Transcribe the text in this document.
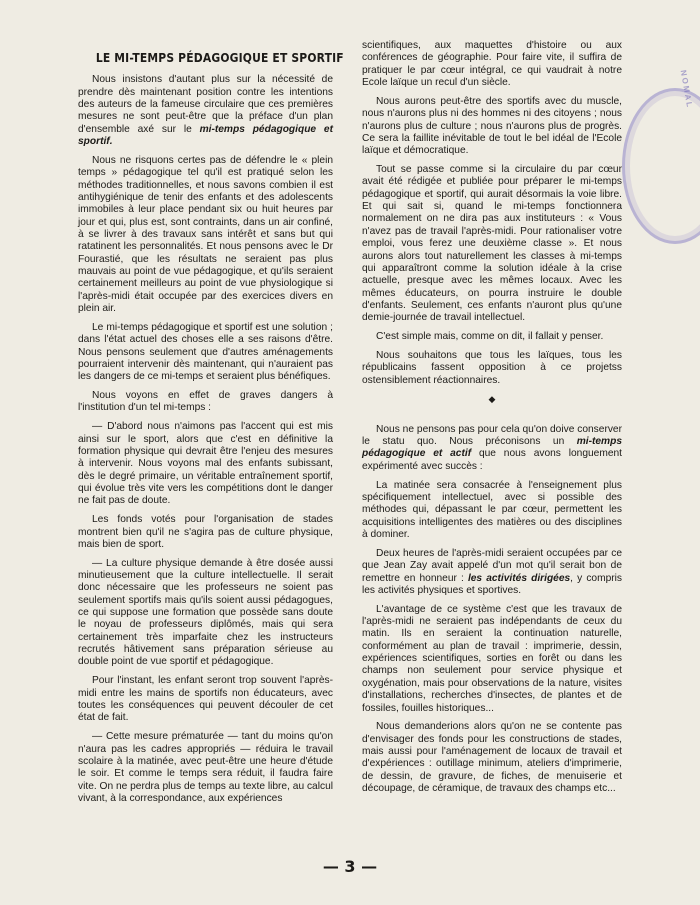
LE MI-TEMPS PÉDAGOGIQUE ET SPORTIF

Nous insistons d'autant plus sur la nécessité de prendre dès maintenant position contre les intentions des auteurs de la fameuse circulaire que ces premières mesures ne sont peut-être que la préface d'un plan d'ensemble axé sur le mi-temps pédagogique et sportif.

Nous ne risquons certes pas de défendre le « plein temps » pédagogique tel qu'il est pratiqué selon les méthodes traditionnelles, et nous savons combien il est antihygiénique de tenir des enfants et des adolescents immobiles à leur place pendant six ou huit heures par jour et qui, plus est, sont contraints, dans un air confiné, à se livrer à des travaux sans intérêt et sans but qui ratatinent les personnalités. Et nous pensons avec le Dr Fourastié, que les résultats ne seraient pas plus mauvais au point de vue pédagogique, et qu'ils seraient certainement meilleurs au point de vue physiologique si l'après-midi était occupée par des exercices divers en plein air.

Le mi-temps pédagogique et sportif est une solution ; dans l'état actuel des choses elle a ses raisons d'être. Nous pensons seulement que d'autres aménagements pourraient intervenir dès maintenant, qui n'auraient pas les dangers de ce mi-temps et seraient plus bénéfiques.

Nous voyons en effet de graves dangers à l'institution d'un tel mi-temps :

— D'abord nous n'aimons pas l'accent qui est mis ainsi sur le sport, alors que c'est en définitive la formation physique qui devrait être l'enjeu des mesures à intervenir. Nous voyons mal des enfants subissant, dès le degré primaire, un véritable entraînement sportif, qui évolue très vite vers les compétitions dont le danger ne fait pas de doute.

Les fonds votés pour l'organisation de stades montrent bien qu'il ne s'agira pas de culture physique, mais bien de sport.

— La culture physique demande à être dosée aussi minutieusement que la culture intellectuelle. Il serait donc nécessaire que les professeurs ne soient pas seulement sportifs mais qu'ils soient aussi pédagogues, ce qui suppose une formation que possède sans doute le noyau de professeurs diplômés, mais qui sera certainement très imparfaite chez les instructeurs recrutés hâtivement sans préparation sérieuse au double point de vue sportif et pédagogique.

Pour l'instant, les enfant seront trop souvent l'après-midi entre les mains de sportifs non éducateurs, avec toutes les conséquences qui peuvent découler de cet état de fait.

— Cette mesure prématurée — tant du moins qu'on n'aura pas les cadres appropriés — réduira le travail scolaire à la matinée, avec peut-être une heure d'étude le soir. Et comme le temps sera réduit, il faudra faire vite. On ne perdra plus de temps au texte libre, au calcul vivant, à la correspondance, aux expériences

scientifiques, aux maquettes d'histoire ou aux conférences de géographie. Pour faire vite, il suffira de pratiquer le par cœur intégral, ce qui vaudrait à notre Ecole laïque un recul d'un siècle.

Nous aurons peut-être des sportifs avec du muscle, nous n'aurons plus ni des hommes ni des citoyens ; nous n'aurons plus de culture ; nous n'aurons plus de progrès. Ce sera la faillite inévitable de tout le bel idéal de l'Ecole laïque et démocratique.

Tout se passe comme si la circulaire du par cœur avait été rédigée et publiée pour préparer le mi-temps pédagogique et sportif, qui aurait désormais la voie libre. Et qui sait si, quand le mi-temps fonctionnera normalement on ne dira pas aux instituteurs : « Vous n'avez pas de travail l'après-midi. Pour rationaliser votre emploi, vous ferez une deuxième classe ». Et nous aurons alors tout naturellement les classes à mi-temps qui apparaîtront comme la solution idéale à la crise actuelle, presque avec les mêmes locaux. Avec les mêmes éducateurs, on pourra instruire le double d'enfants. Seulement, ces enfants n'auront plus qu'une demie-journée de travail intellectuel.

C'est simple mais, comme on dit, il fallait y penser.

Nous souhaitons que tous les laïques, tous les républicains fassent opposition à ce projetss ostensiblement réactionnaires.

◆

Nous ne pensons pas pour cela qu'on doive conserver le statu quo. Nous préconisons un mi-temps pédagogique et actif que nous avons longuement expérimenté avec succès :

La matinée sera consacrée à l'enseignement plus spécifiquement intellectuel, avec si possible des méthodes qui, dépassant le par cœur, permettent les acquisitions intelligentes des matières ou des disciplines à dominer.

Deux heures de l'après-midi seraient occupées par ce que Jean Zay avait appelé d'un mot qu'il serait bon de remettre en honneur : les activités dirigées, y compris les activités physiques et sportives.

L'avantage de ce système c'est que les travaux de l'après-midi ne seraient pas indépendants de ceux du matin. Ils en seraient la continuation naturelle, conformément au plan de travail : imprimerie, dessin, expériences scientifiques, sorties en forêt ou dans les champs non seulement pour service physique et oxygénation, mais pour observations de la nature, visites d'installations, recherches d'insectes, de plantes et de fossiles, fouilles historiques...

Nous demanderions alors qu'on ne se contente pas d'envisager des fonds pour les constructions de stades, mais aussi pour l'aménagement de locaux de travail et d'expériences : outillage minimum, ateliers d'imprimerie, de dessin, de gravure, de fiches, de menuiserie et découpage, de céramique, de travaux des champs etc...

NOMAL
— 3 —
